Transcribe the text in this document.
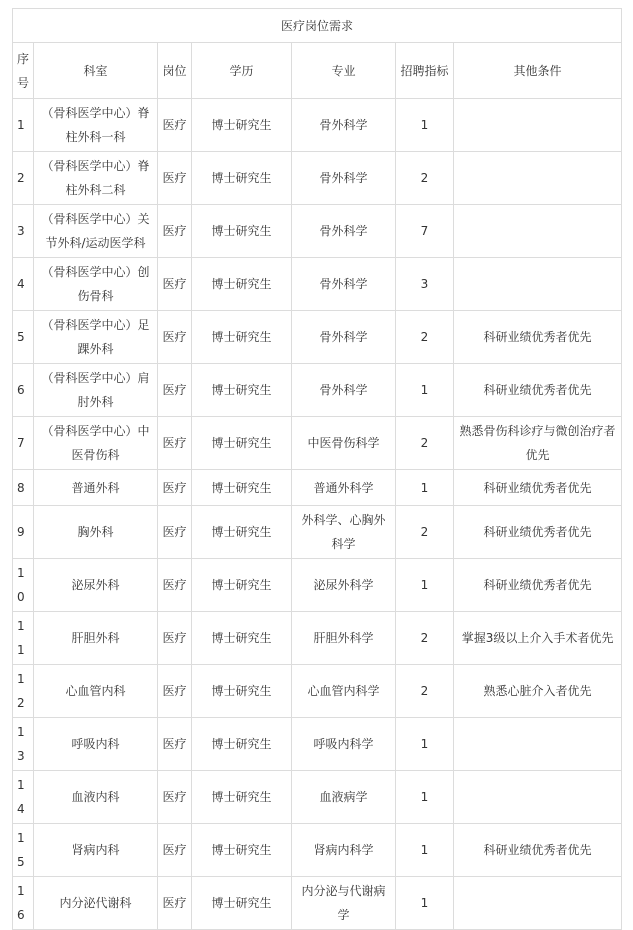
医疗岗位需求						
序号	科室	岗位	学历	专业	招聘指标	其他条件
1	（骨科医学中心）脊柱外科一科	医疗	博士研究生	骨外科学	1	
2	（骨科医学中心）脊柱外科二科	医疗	博士研究生	骨外科学	2	
3	（骨科医学中心）关节外科/运动医学科	医疗	博士研究生	骨外科学	7	
4	（骨科医学中心）创伤骨科	医疗	博士研究生	骨外科学	3	
5	（骨科医学中心）足踝外科	医疗	博士研究生	骨外科学	2	科研业绩优秀者优先
6	（骨科医学中心）肩肘外科	医疗	博士研究生	骨外科学	1	科研业绩优秀者优先
7	（骨科医学中心）中医骨伤科	医疗	博士研究生	中医骨伤科学	2	熟悉骨伤科诊疗与微创治疗者优先
8	普通外科	医疗	博士研究生	普通外科学	1	科研业绩优秀者优先
9	胸外科	医疗	博士研究生	外科学、心胸外科学	2	科研业绩优秀者优先
10	泌尿外科	医疗	博士研究生	泌尿外科学	1	科研业绩优秀者优先
11	肝胆外科	医疗	博士研究生	肝胆外科学	2	掌握3级以上介入手术者优先
12	心血管内科	医疗	博士研究生	心血管内科学	2	熟悉心脏介入者优先
13	呼吸内科	医疗	博士研究生	呼吸内科学	1	
14	血液内科	医疗	博士研究生	血液病学	1	
15	肾病内科	医疗	博士研究生	肾病内科学	1	科研业绩优秀者优先
16	内分泌代谢科	医疗	博士研究生	内分泌与代谢病学	1	
